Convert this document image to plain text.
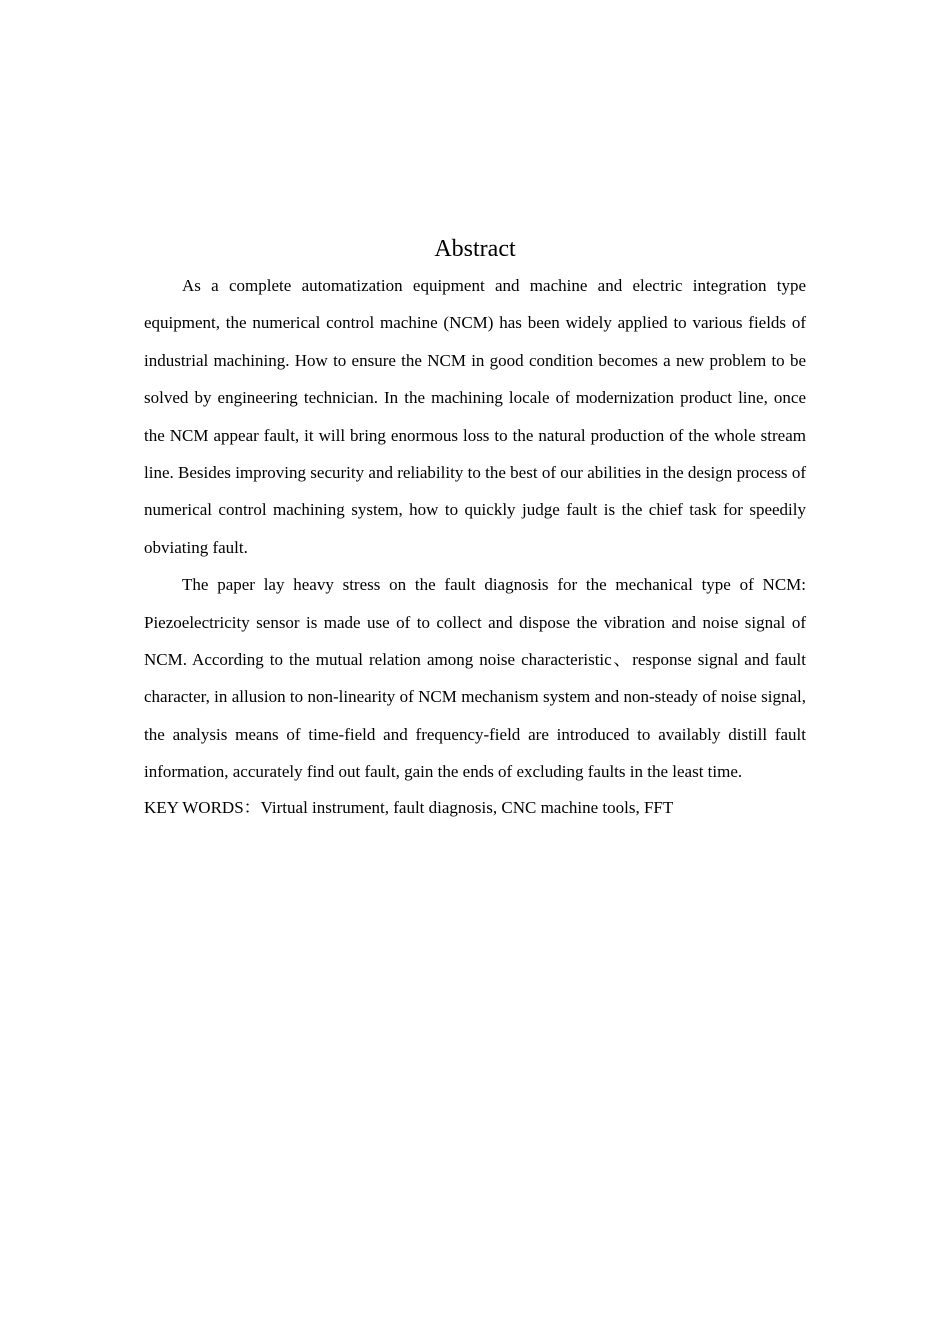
Abstract

As a complete automatization equipment and machine and electric integration type equipment, the numerical control machine (NCM) has been widely applied to various fields of industrial machining. How to ensure the NCM in good condition becomes a new problem to be solved by engineering technician. In the machining locale of modernization product line, once the NCM appear fault, it will bring enormous loss to the natural production of the whole stream line. Besides improving security and reliability to the best of our abilities in the design process of numerical control machining system, how to quickly judge fault is the chief task for speedily obviating fault.

The paper lay heavy stress on the fault diagnosis for the mechanical type of NCM: Piezoelectricity sensor is made use of to collect and dispose the vibration and noise signal of NCM. According to the mutual relation among noise characteristic、response signal and fault character, in allusion to non-linearity of NCM mechanism system and non-steady of noise signal, the analysis means of time-field and frequency-field are introduced to availably distill fault information, accurately find out fault, gain the ends of excluding faults in the least time.

KEY WORDS：Virtual instrument, fault diagnosis, CNC machine tools, FFT
